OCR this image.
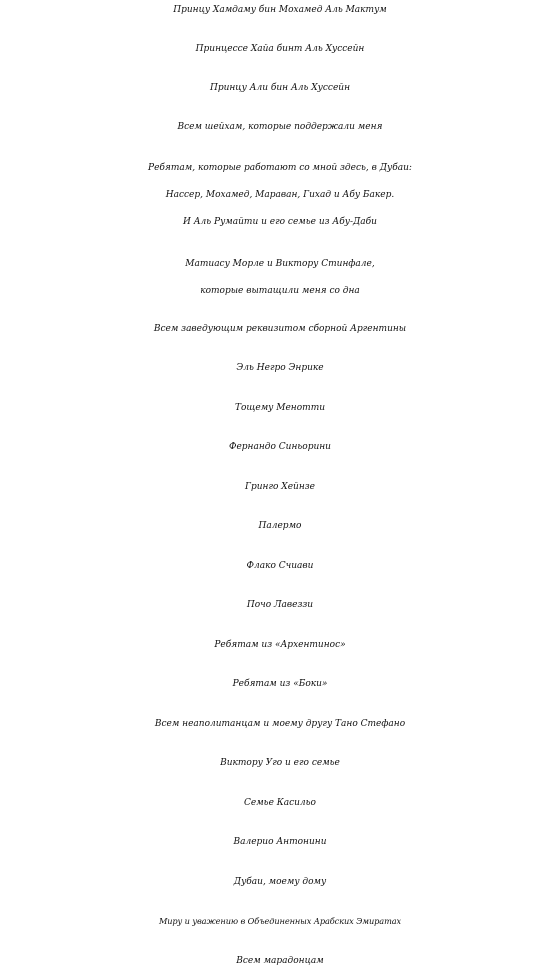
Принцу Хамдаму бин Мохамед Аль Мактум
Принцессе Хайа бинт Аль Хуссейн
Принцу Али бин Аль Хуссейн
Всем шейхам, которые поддержали меня
Ребятам, которые работают со мной здесь, в Дубаи:
Нассер, Мохамед, Мараван, Гихад и Абу Бакер.
И Аль Румайти и его семье из Абу-Даби
Матиасу Морле и Виктору Стинфале,
которые вытащили меня со дна
Всем заведующим реквизитом сборной Аргентины
Эль Негро Энрике
Тощему Менотти
Фернандо Синьорини
Гринго Хейнзе
Палермо
Флако Счиави
Почо Лавеззи
Ребятам из «Архентинос»
Ребятам из «Боки»
Всем неаполитанцам и моему другу Тано Стефано
Виктору Уго и его семье
Семье Касильо
Валерио Антонини
Дубаи, моему дому
Миру и уважению в Объединенных Арабских Эмиратах
Всем марадонцам
